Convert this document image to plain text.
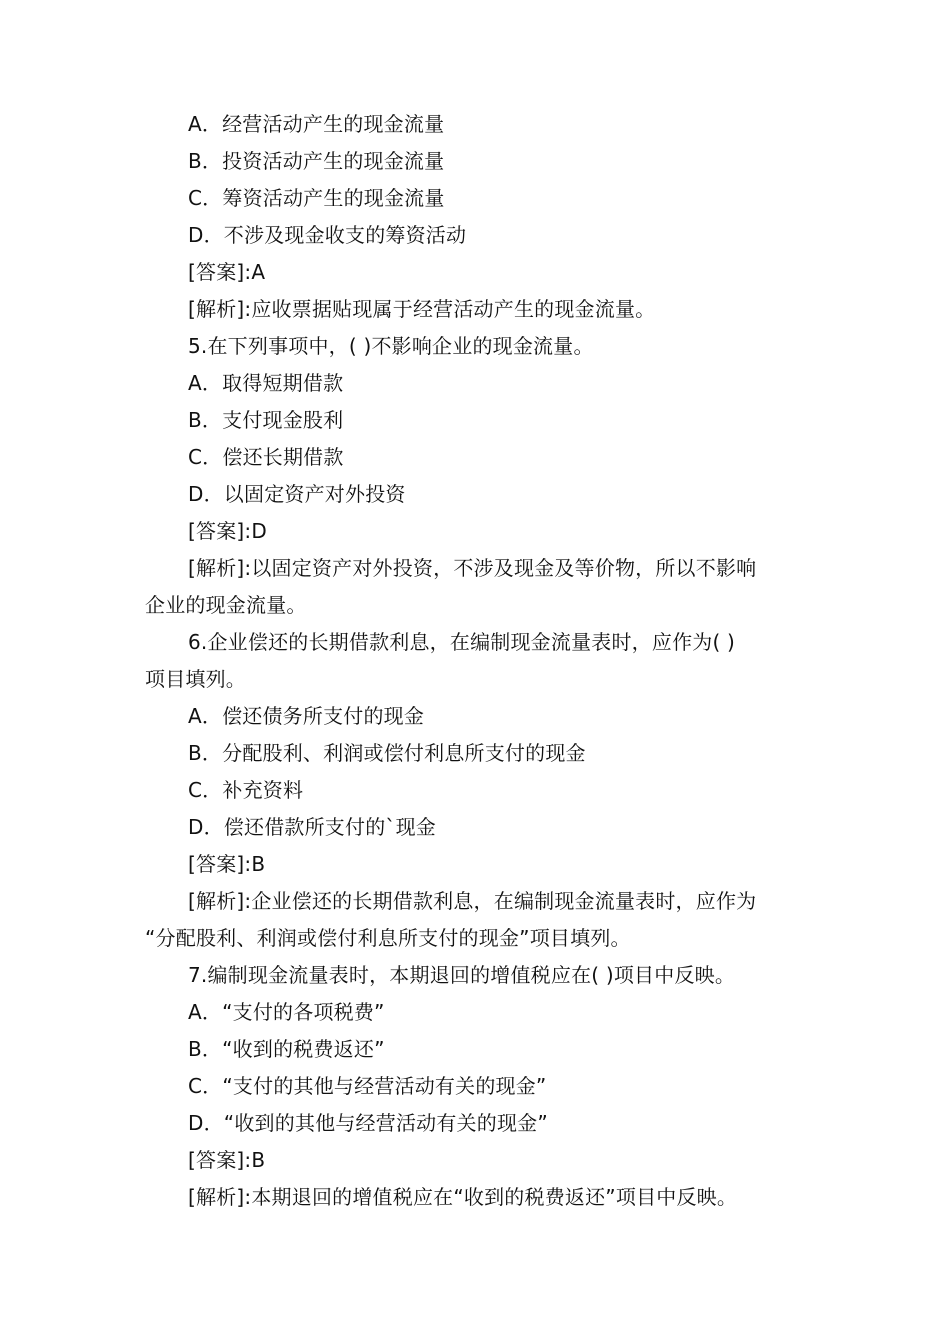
A．经营活动产生的现金流量
B．投资活动产生的现金流量
C．筹资活动产生的现金流量
D．不涉及现金收支的筹资活动
[答案]:A
[解析]:应收票据贴现属于经营活动产生的现金流量。
5.在下列事项中，( )不影响企业的现金流量。
A．取得短期借款
B．支付现金股利
C．偿还长期借款
D．以固定资产对外投资
[答案]:D
[解析]:以固定资产对外投资，不涉及现金及等价物，所以不影响
企业的现金流量。
6.企业偿还的长期借款利息，在编制现金流量表时，应作为( )
项目填列。
A．偿还债务所支付的现金
B．分配股利、利润或偿付利息所支付的现金
C．补充资料
D．偿还借款所支付的`现金
[答案]:B
[解析]:企业偿还的长期借款利息，在编制现金流量表时，应作为
“分配股利、利润或偿付利息所支付的现金”项目填列。
7.编制现金流量表时，本期退回的增值税应在( )项目中反映。
A．“支付的各项税费”
B．“收到的税费返还”
C．“支付的其他与经营活动有关的现金”
D．“收到的其他与经营活动有关的现金”
[答案]:B
[解析]:本期退回的增值税应在“收到的税费返还”项目中反映。
